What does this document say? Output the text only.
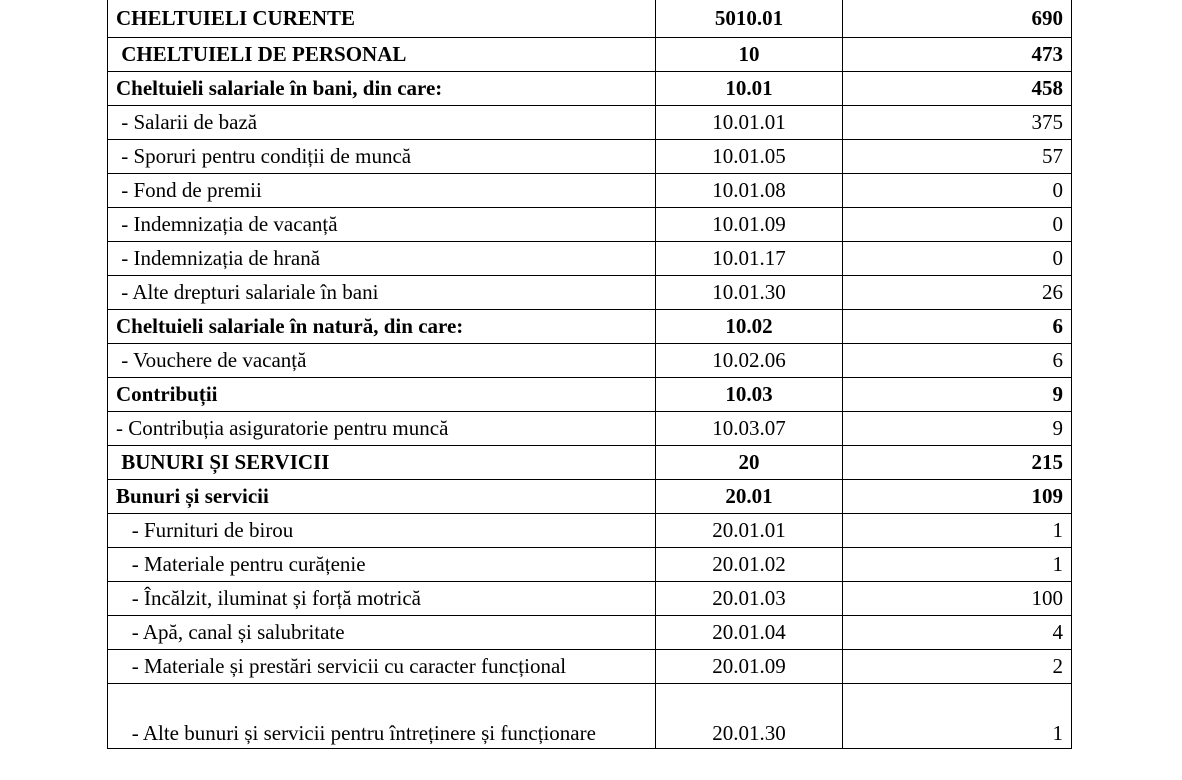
CHELTUIELI CURENTE	5010.01	690
CHELTUIELI DE PERSONAL	10	473
Cheltuieli salariale în bani, din care:	10.01	458
- Salarii de bază	10.01.01	375
- Sporuri pentru condiții de muncă	10.01.05	57
- Fond de premii	10.01.08	0
- Indemnizația de vacanță	10.01.09	0
- Indemnizația de hrană	10.01.17	0
- Alte drepturi salariale în bani	10.01.30	26
Cheltuieli salariale în natură, din care:	10.02	6
- Vouchere de vacanță	10.02.06	6
Contribuții	10.03	9
- Contribuția asiguratorie pentru muncă	10.03.07	9
BUNURI ȘI SERVICII	20	215
Bunuri și servicii	20.01	109
- Furnituri de birou	20.01.01	1
- Materiale pentru curățenie	20.01.02	1
- Încălzit, iluminat și forță motrică	20.01.03	100
- Apă, canal și salubritate	20.01.04	4
- Materiale și prestări servicii cu caracter funcțional	20.01.09	2
- Alte bunuri și servicii pentru întreținere și funcționare	20.01.30	1
